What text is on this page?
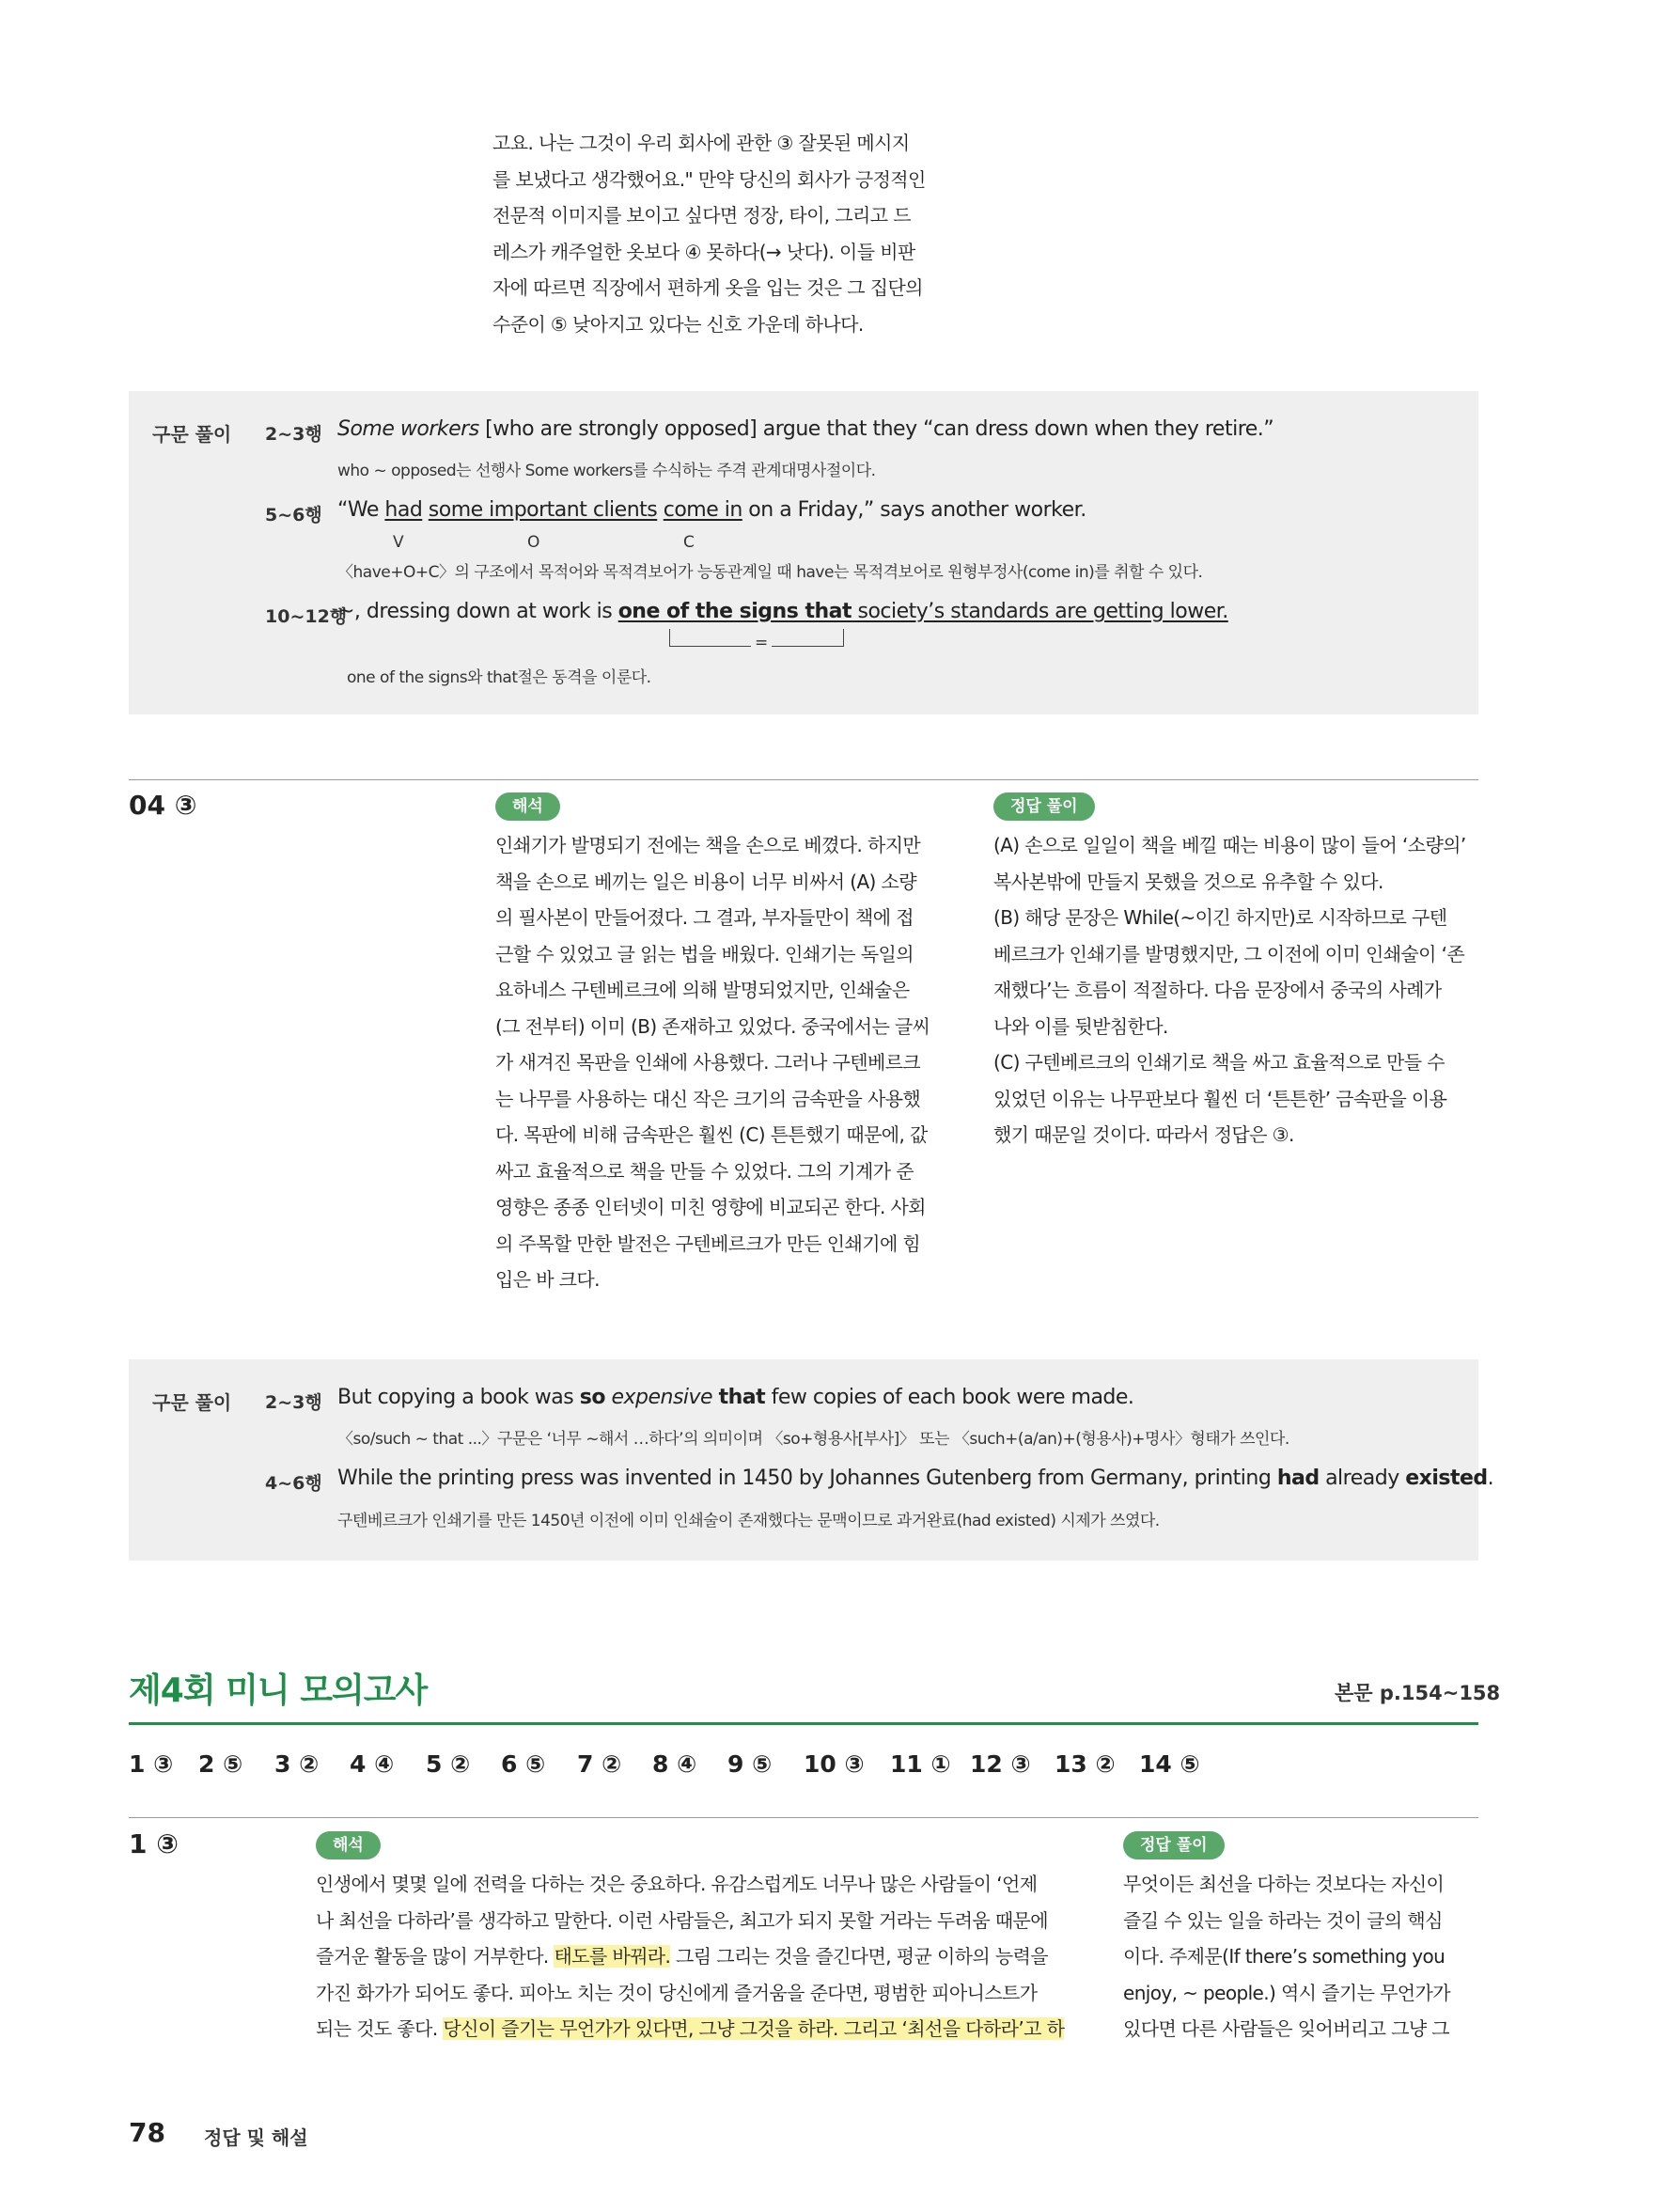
고요. 나는 그것이 우리 회사에 관한 ③ 잘못된 메시지

를 보냈다고 생각했어요." 만약 당신의 회사가 긍정적인

전문적 이미지를 보이고 싶다면 정장, 타이, 그리고 드

레스가 캐주얼한 옷보다 ④ 못하다(→ 낫다). 이들 비판

자에 따르면 직장에서 편하게 옷을 입는 것은 그 집단의

수준이 ⑤ 낮아지고 있다는 신호 가운데 하나다.

구문 풀이 2~3행 Some workers [who are strongly opposed] argue that they “can dress down when they retire.”
who ~ opposed는 선행사 Some workers를 수식하는 주격 관계대명사절이다.
5~6행 “We had some important clients come in on a Friday,” says another worker.
V	O	C
〈have+O+C〉의 구조에서 목적어와 목적격보어가 능동관계일 때 have는 목적격보어로 원형부정사(come in)를 취할 수 있다.
10~12행
~, dressing down at work is one of the signs that society’s standards are getting lower.
=
one of the signs와 that절은 동격을 이룬다.
04 ③	해석	정답 풀이

인쇄기가 발명되기 전에는 책을 손으로 베꼈다. 하지만

책을 손으로 베끼는 일은 비용이 너무 비싸서 (A) 소량

의 필사본이 만들어졌다. 그 결과, 부자들만이 책에 접

근할 수 있었고 글 읽는 법을 배웠다. 인쇄기는 독일의

요하네스 구텐베르크에 의해 발명되었지만, 인쇄술은

(그 전부터) 이미 (B) 존재하고 있었다. 중국에서는 글씨

가 새겨진 목판을 인쇄에 사용했다. 그러나 구텐베르크

는 나무를 사용하는 대신 작은 크기의 금속판을 사용했

다. 목판에 비해 금속판은 훨씬 (C) 튼튼했기 때문에, 값

싸고 효율적으로 책을 만들 수 있었다. 그의 기계가 준

영향은 종종 인터넷이 미친 영향에 비교되곤 한다. 사회

의 주목할 만한 발전은 구텐베르크가 만든 인쇄기에 힘

입은 바 크다.

(A) 손으로 일일이 책을 베낄 때는 비용이 많이 들어 ‘소량의’

복사본밖에 만들지 못했을 것으로 유추할 수 있다.

(B) 해당 문장은 While(~이긴 하지만)로 시작하므로 구텐

베르크가 인쇄기를 발명했지만, 그 이전에 이미 인쇄술이 ‘존

재했다’는 흐름이 적절하다. 다음 문장에서 중국의 사례가

나와 이를 뒷받침한다.

(C) 구텐베르크의 인쇄기로 책을 싸고 효율적으로 만들 수

있었던 이유는 나무판보다 훨씬 더 ‘튼튼한’ 금속판을 이용

했기 때문일 것이다. 따라서 정답은 ③.

구문 풀이 2~3행 But copying a book was so expensive that few copies of each book were made.
〈so/such ~ that ...〉구문은 ‘너무 ~해서 …하다’의 의미이며 〈so+형용사[부사]〉 또는 〈such+(a/an)+(형용사)+명사〉형태가 쓰인다.
4~6행 While the printing press was invented in 1450 by Johannes Gutenberg from Germany, printing had already existed.
구텐베르크가 인쇄기를 만든 1450년 이전에 이미 인쇄술이 존재했다는 문맥이므로 과거완료(had existed) 시제가 쓰였다.
제4회 미니 모의고사	본문 p.154~158
1 ③ 2 ⑤ 3 ② 4 ④ 5 ② 6 ⑤ 7 ② 8 ④ 9 ⑤ 10 ③ 11 ① 12 ③ 13 ② 14 ⑤
1 ③	해석	정답 풀이

인생에서 몇몇 일에 전력을 다하는 것은 중요하다. 유감스럽게도 너무나 많은 사람들이 ‘언제

나 최선을 다하라’를 생각하고 말한다. 이런 사람들은, 최고가 되지 못할 거라는 두려움 때문에

즐거운 활동을 많이 거부한다. 태도를 바꿔라. 그림 그리는 것을 즐긴다면, 평균 이하의 능력을

가진 화가가 되어도 좋다. 피아노 치는 것이 당신에게 즐거움을 준다면, 평범한 피아니스트가

되는 것도 좋다. 당신이 즐기는 무언가가 있다면, 그냥 그것을 하라. 그리고 ‘최선을 다하라’고 하

무엇이든 최선을 다하는 것보다는 자신이

즐길 수 있는 일을 하라는 것이 글의 핵심

이다. 주제문(If there’s something you

enjoy, ~ people.) 역시 즐기는 무언가가

있다면 다른 사람들은 잊어버리고 그냥 그

78 정답 및 해설
